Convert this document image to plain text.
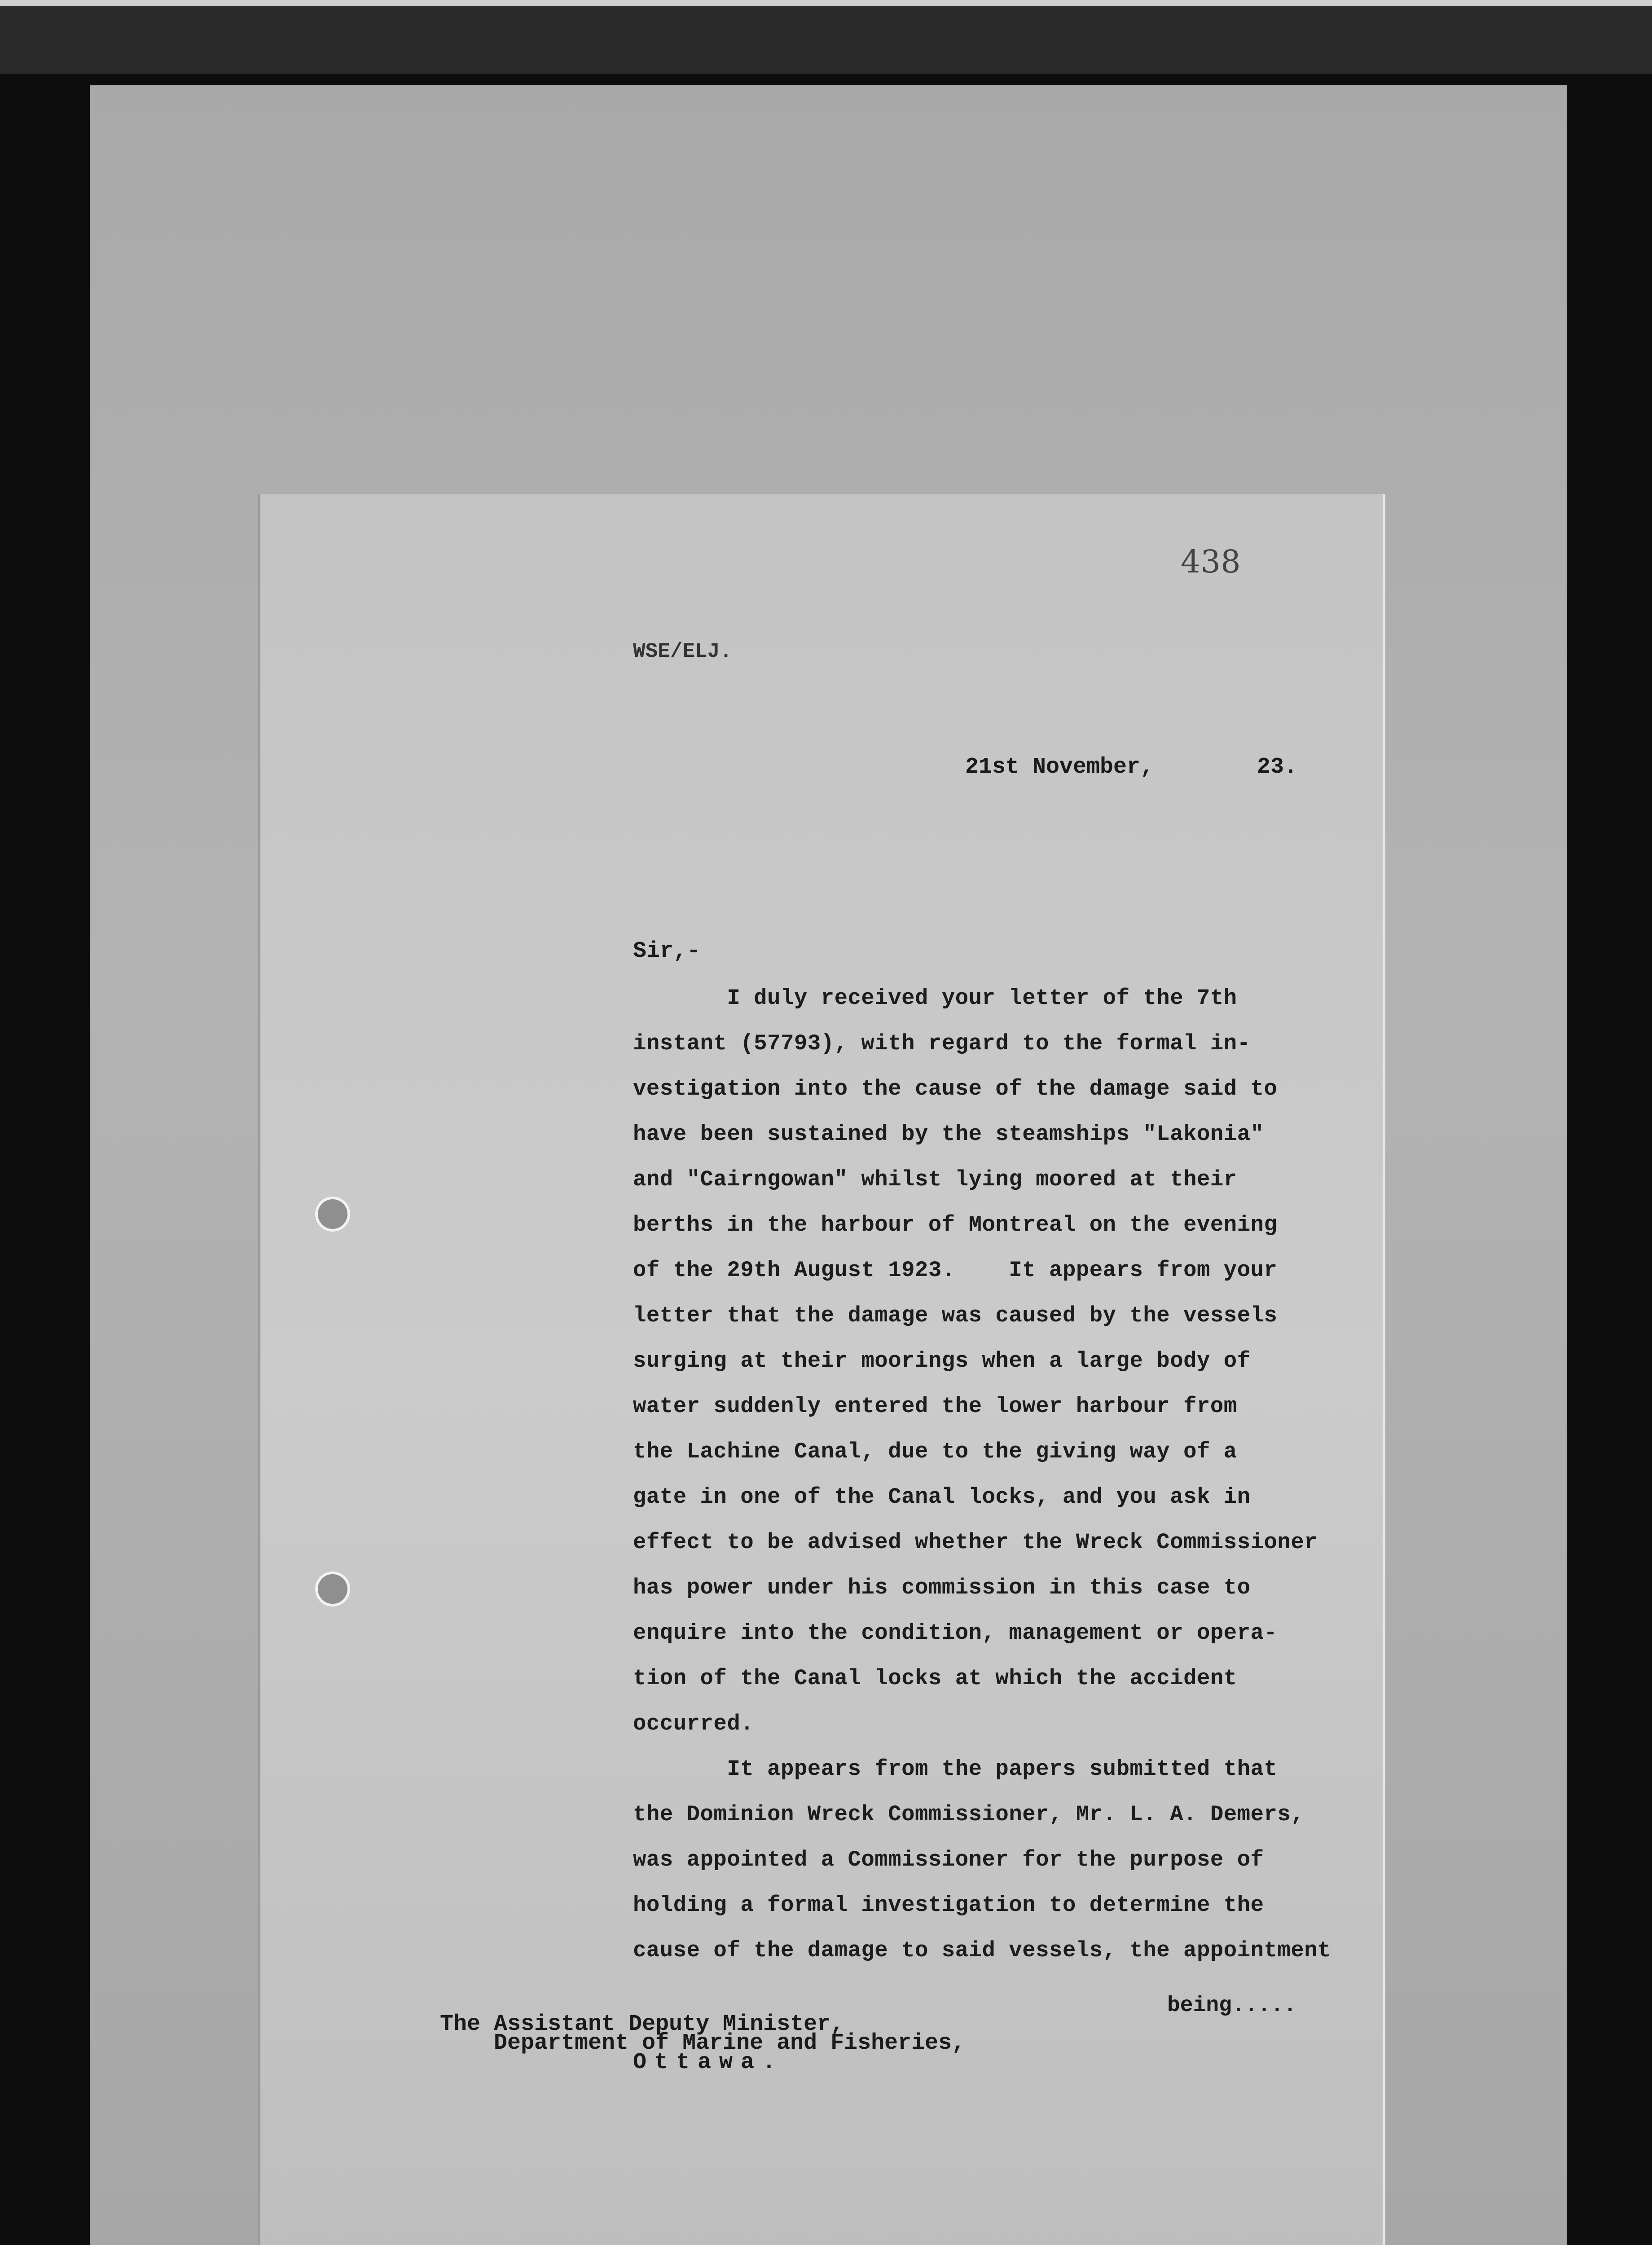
438
WSE/ELJ.
21st November,	23.
Sir,-
I duly received your letter of the 7th
instant (57793), with regard to the formal in-
vestigation into the cause of the damage said to
have been sustained by the steamships "Lakonia"
and "Cairngowan" whilst lying moored at their
berths in the harbour of Montreal on the evening
of the 29th August 1923.    It appears from your
letter that the damage was caused by the vessels
surging at their moorings when a large body of
water suddenly entered the lower harbour from
the Lachine Canal, due to the giving way of a
gate in one of the Canal locks, and you ask in
effect to be advised whether the Wreck Commissioner
has power under his commission in this case to
enquire into the condition, management or opera-
tion of the Canal locks at which the accident
occurred.
It appears from the papers submitted that
the Dominion Wreck Commissioner, Mr. L. A. Demers,
was appointed a Commissioner for the purpose of
holding a formal investigation to determine the
cause of the damage to said vessels, the appointment
being.....
The Assistant Deputy Minister,
Department of Marine and Fisheries,
Ottawa.
